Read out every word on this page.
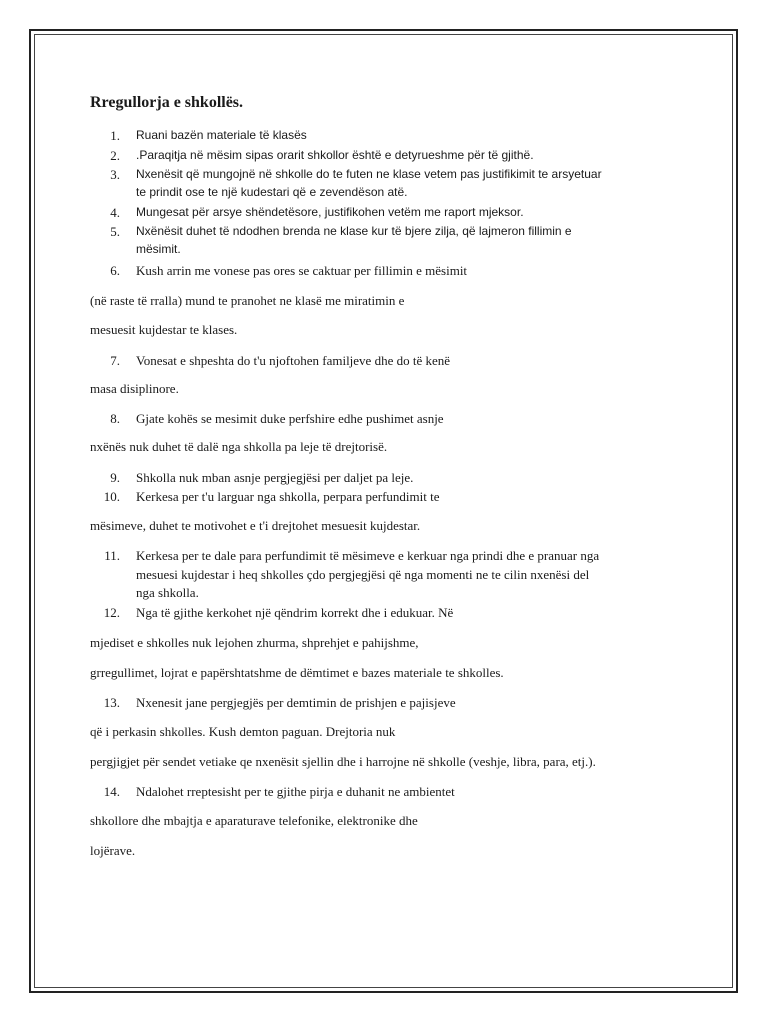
Rregullorja e shkollës.
1. Ruani bazën materiale të klasës

2. .Paraqitja në mësim sipas orarit shkollor është e detyrueshme për të gjithë.

3. Nxenësit që mungojnë në shkolle do te futen ne klase vetem pas justifikimit te arsyetuar

te prindit ose te një kudestari që e zevendëson atë.

4. Mungesat për arsye shëndetësore, justifikohen vetëm me raport mjeksor.

5. Nxënësit duhet të ndodhen brenda ne klase kur të bjere zilja, që lajmeron fillimin e

mësimit.

6. Kush arrin me vonese pas ores se caktuar per fillimin e mësimit

(në raste të rralla) mund te pranohet ne klasë me miratimin e

mesuesit kujdestar te klases.

7. Vonesat e shpeshta do t'u njoftohen familjeve dhe do të kenë

masa disiplinore.

8. Gjate kohës se mesimit duke perfshire edhe pushimet asnje

nxënës nuk duhet të dalë nga shkolla pa leje të drejtorisë.

9. Shkolla nuk mban asnje pergjegjësi per daljet pa leje.

10. Kerkesa per t'u larguar nga shkolla, perpara perfundimit te

mësimeve, duhet te motivohet e t'i drejtohet mesuesit kujdestar.

11. Kerkesa per te dale para perfundimit të mësimeve e kerkuar nga prindi dhe e pranuar nga

mesuesi kujdestar i heq shkolles çdo pergjegjësi që nga momenti ne te cilin nxenësi del

nga shkolla.

12. Nga të gjithe kerkohet një qëndrim korrekt dhe i edukuar. Në

mjediset e shkolles nuk lejohen zhurma, shprehjet e pahijshme,

grregullimet, lojrat e papërshtatshme de dëmtimet e bazes materiale te shkolles.

13. Nxenesit jane pergjegjës per demtimin de prishjen e pajisjeve

që i perkasin shkolles. Kush demton paguan. Drejtoria nuk

pergjigjet për sendet vetiake qe nxenësit sjellin dhe i harrojne në shkolle (veshje, libra, para, etj.).

14. Ndalohet rreptesisht per te gjithe pirja e duhanit ne ambientet

shkollore dhe mbajtja e aparaturave telefonike, elektronike dhe

lojërave.
